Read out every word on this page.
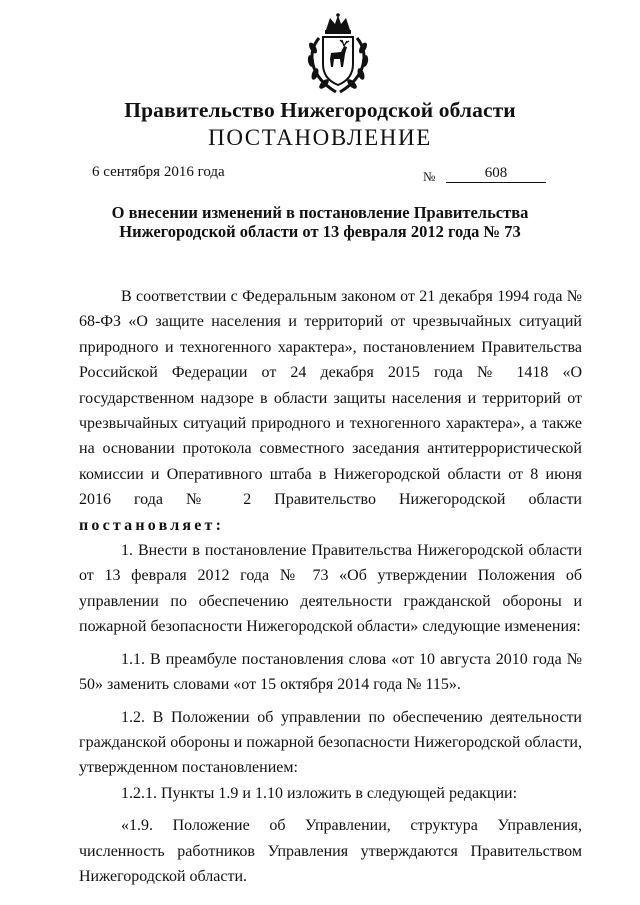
Правительство Нижегородской области
ПОСТАНОВЛЕНИЕ
6 сентября 2016 года	№	608
О внесении изменений в постановление Правительства
Нижегородской области от 13 февраля 2012 года № 73

В соответствии с Федеральным законом от 21 декабря 1994 года № 68-ФЗ «О защите населения и территорий от чрезвычайных ситуаций природного и техногенного характера», постановлением Правительства Российской Федерации от 24 декабря 2015 года № 1418 «О государственном надзоре в области защиты населения и территорий от чрезвычайных ситуаций природного и техногенного характера», а также на основании протокола совместного заседания антитеррористической комиссии и Оперативного штаба в Нижегородской области от 8 июня 2016 года № 2 Правительство Нижегородской области постановляет:

1. Внести в постановление Правительства Нижегородской области от 13 февраля 2012 года № 73 «Об утверждении Положения об управлении по обеспечению деятельности гражданской обороны и пожарной безопасности Нижегородской области» следующие изменения:

1.1. В преамбуле постановления слова «от 10 августа 2010 года № 50» заменить словами «от 15 октября 2014 года № 115».

1.2. В Положении об управлении по обеспечению деятельности гражданской обороны и пожарной безопасности Нижегородской области, утвержденном постановлением:

1.2.1. Пункты 1.9 и 1.10 изложить в следующей редакции:

«1.9. Положение об Управлении, структура Управления, численность работников Управления утверждаются Правительством Нижегородской области.
